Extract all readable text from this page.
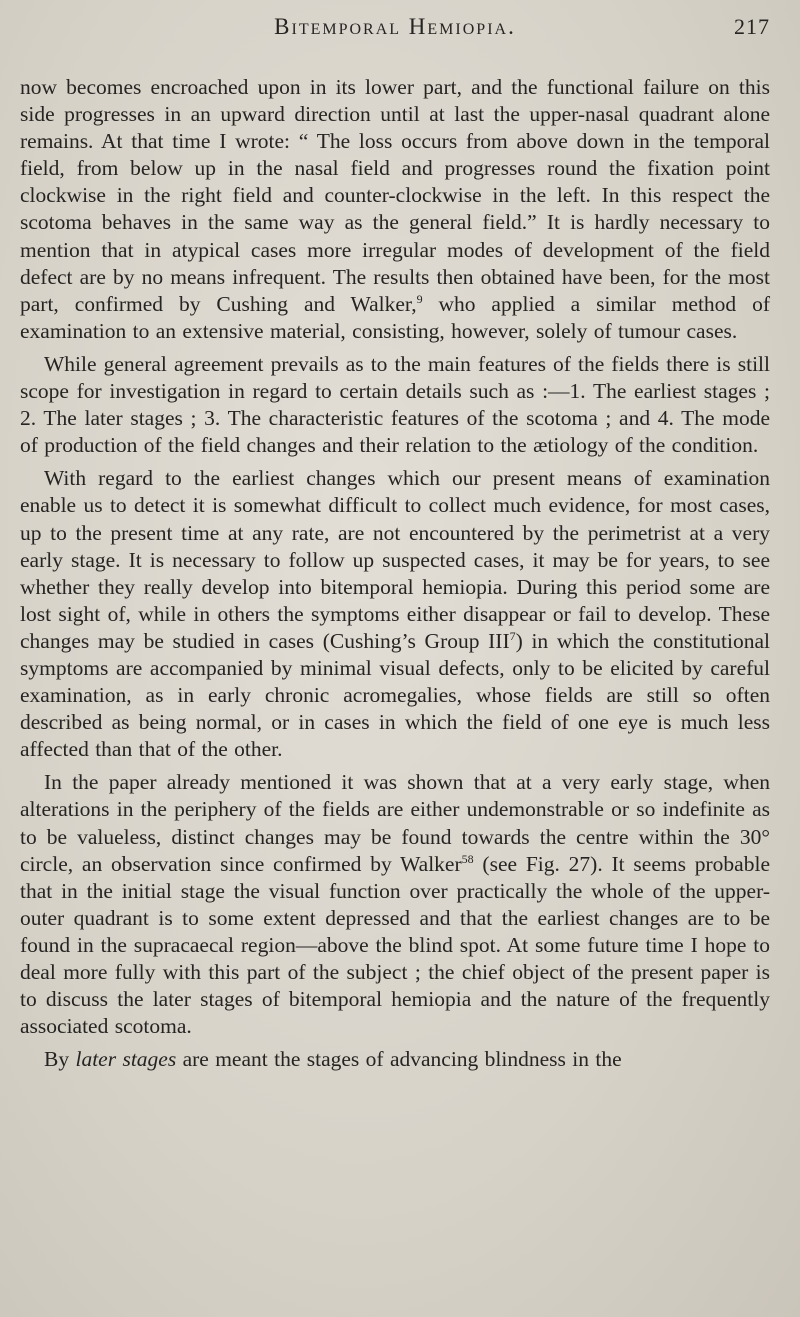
Bitemporal Hemiopia.	217

now becomes encroached upon in its lower part, and the functional failure on this side progresses in an upward direction until at last the upper-nasal quadrant alone remains. At that time I wrote: “ The loss occurs from above down in the temporal field, from below up in the nasal field and progresses round the fixation point clockwise in the right field and counter-clockwise in the left. In this respect the scotoma behaves in the same way as the general field.” It is hardly necessary to mention that in atypical cases more irregular modes of development of the field defect are by no means infrequent. The results then obtained have been, for the most part, confirmed by Cushing and Walker,$^9$ who applied a similar method of examination to an extensive material, consisting, however, solely of tumour cases.

While general agreement prevails as to the main features of the fields there is still scope for investigation in regard to certain details such as :—1. The earliest stages ; 2. The later stages ; 3. The characteristic features of the scotoma ; and 4. The mode of production of the field changes and their relation to the ætiology of the condition.

With regard to the earliest changes which our present means of examination enable us to detect it is somewhat difficult to collect much evidence, for most cases, up to the present time at any rate, are not encountered by the perimetrist at a very early stage. It is necessary to follow up suspected cases, it may be for years, to see whether they really develop into bitemporal hemiopia. During this period some are lost sight of, while in others the symptoms either disappear or fail to develop. These changes may be studied in cases (Cushing’s Group III$^7$) in which the constitutional symptoms are accompanied by minimal visual defects, only to be elicited by careful examination, as in early chronic acromegalies, whose fields are still so often described as being normal, or in cases in which the field of one eye is much less affected than that of the other.

In the paper already mentioned it was shown that at a very early stage, when alterations in the periphery of the fields are either undemonstrable or so indefinite as to be valueless, distinct changes may be found towards the centre within the 30° circle, an observation since confirmed by Walker$^{58}$ (see Fig. 27). It seems probable that in the initial stage the visual function over practically the whole of the upper-outer quadrant is to some extent depressed and that the earliest changes are to be found in the supracaecal region—above the blind spot. At some future time I hope to deal more fully with this part of the subject ; the chief object of the present paper is to discuss the later stages of bitemporal hemiopia and the nature of the frequently associated scotoma.

By later stages are meant the stages of advancing blindness in the
